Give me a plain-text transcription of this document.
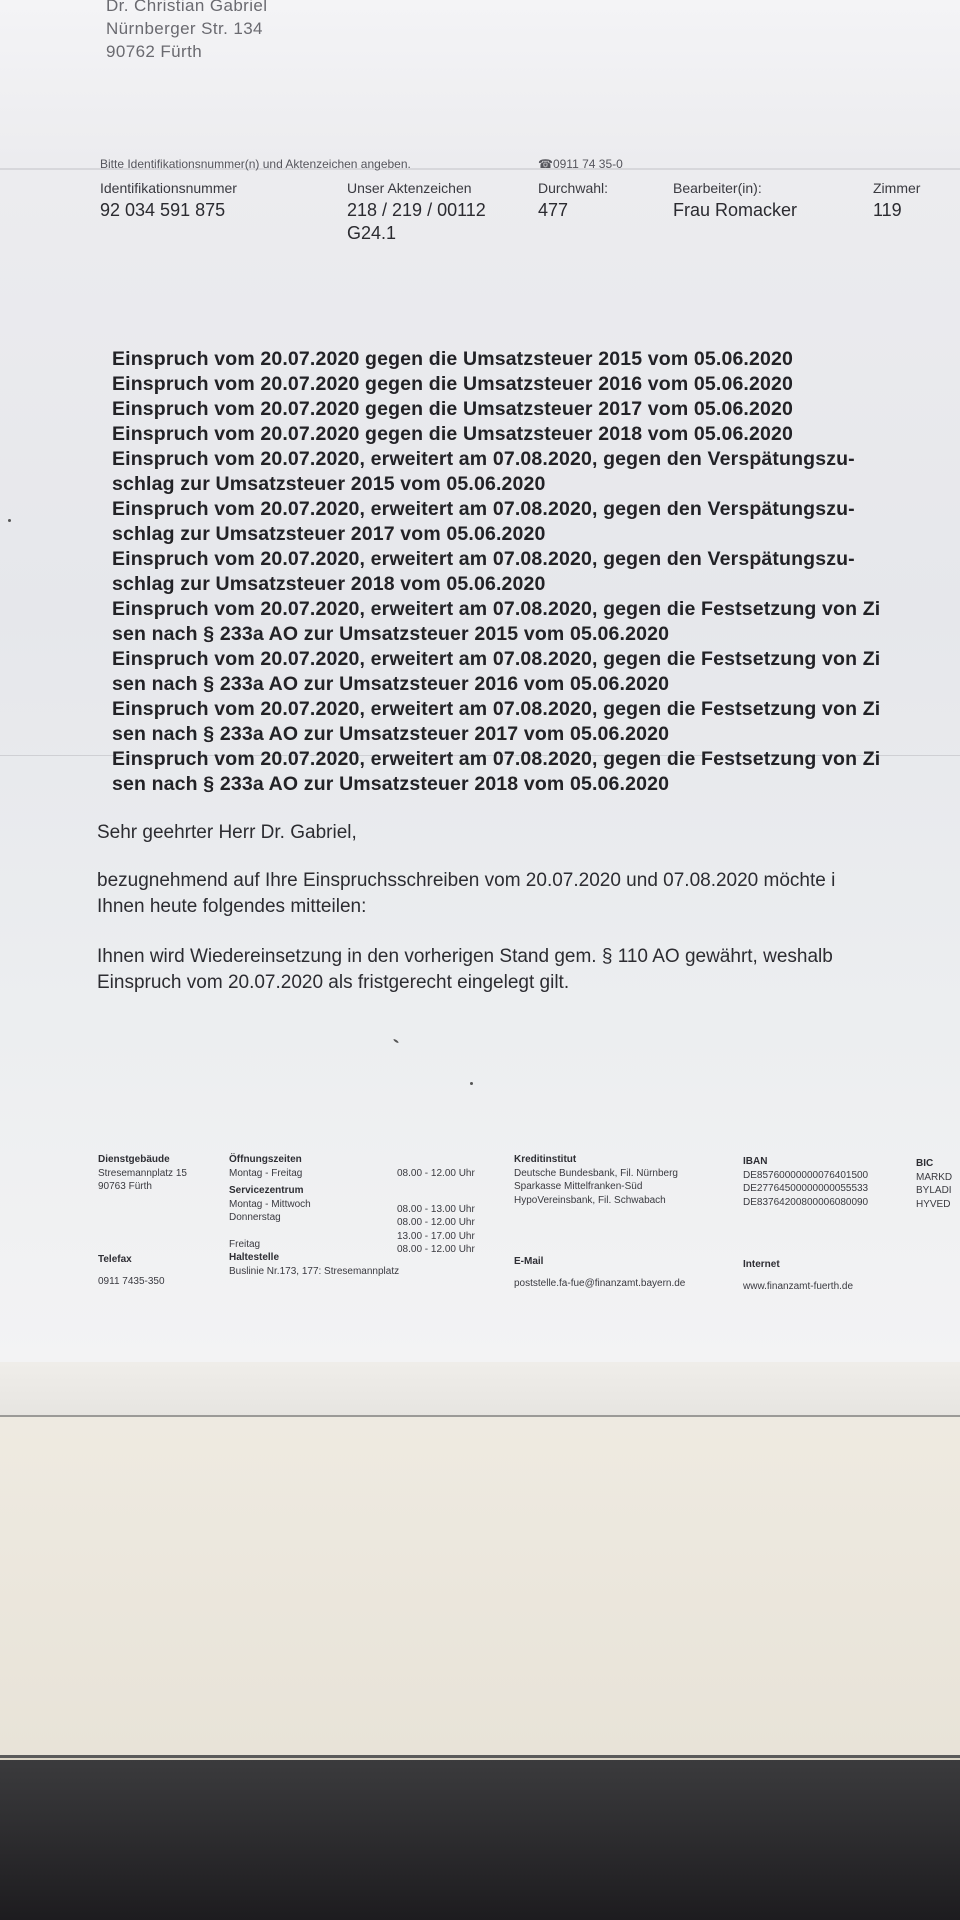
Dr. Christian Gabriel
Nürnberger Str. 134
90762 Fürth
Bitte Identifikationsnummer(n) und Aktenzeichen angeben.	☎0911 74 35-0
Identifikationsnummer
92 034 591 875
Unser Aktenzeichen
218 / 219 / 00112
G24.1
Durchwahl:
477
Bearbeiter(in):
Frau Romacker
Zimmer
119
Einspruch vom 20.07.2020 gegen die Umsatzsteuer 2015 vom 05.06.2020
Einspruch vom 20.07.2020 gegen die Umsatzsteuer 2016 vom 05.06.2020
Einspruch vom 20.07.2020 gegen die Umsatzsteuer 2017 vom 05.06.2020
Einspruch vom 20.07.2020 gegen die Umsatzsteuer 2018 vom 05.06.2020
Einspruch vom 20.07.2020, erweitert am 07.08.2020, gegen den Verspätungszu-
schlag zur Umsatzsteuer 2015 vom 05.06.2020
Einspruch vom 20.07.2020, erweitert am 07.08.2020, gegen den Verspätungszu-
schlag zur Umsatzsteuer 2017 vom 05.06.2020
Einspruch vom 20.07.2020, erweitert am 07.08.2020, gegen den Verspätungszu-
schlag zur Umsatzsteuer 2018 vom 05.06.2020
Einspruch vom 20.07.2020, erweitert am 07.08.2020, gegen die Festsetzung von Zi
sen nach § 233a AO zur Umsatzsteuer 2015 vom 05.06.2020
Einspruch vom 20.07.2020, erweitert am 07.08.2020, gegen die Festsetzung von Zi
sen nach § 233a AO zur Umsatzsteuer 2016 vom 05.06.2020
Einspruch vom 20.07.2020, erweitert am 07.08.2020, gegen die Festsetzung von Zi
sen nach § 233a AO zur Umsatzsteuer 2017 vom 05.06.2020
Einspruch vom 20.07.2020, erweitert am 07.08.2020, gegen die Festsetzung von Zi
sen nach § 233a AO zur Umsatzsteuer 2018 vom 05.06.2020
Sehr geehrter Herr Dr. Gabriel,
bezugnehmend auf Ihre Einspruchsschreiben vom 20.07.2020 und 07.08.2020 möchte i
Ihnen heute folgendes mitteilen:
Ihnen wird Wiedereinsetzung in den vorherigen Stand gem. § 110 AO gewährt, weshalb
Einspruch vom 20.07.2020 als fristgerecht eingelegt gilt.
Dienstgebäude
Stresemannplatz 15
90763 Fürth
Telefax
0911 7435-350
Öffnungszeiten
Montag - Freitag
Servicezentrum
Montag - Mittwoch
Donnerstag
Freitag
Haltestelle
Buslinie Nr.173, 177: Stresemannplatz
08.00 - 12.00 Uhr
08.00 - 13.00 Uhr
08.00 - 12.00 Uhr
13.00 - 17.00 Uhr
08.00 - 12.00 Uhr
Kreditinstitut
Deutsche Bundesbank, Fil. Nürnberg
Sparkasse Mittelfranken-Süd
HypoVereinsbank, Fil. Schwabach
E-Mail
poststelle.fa-fue@finanzamt.bayern.de
IBAN
DE85760000000076401500
DE27764500000000055533
DE83764200800006080090
Internet
www.finanzamt-fuerth.de
BIC
MARKD
BYLADI
HYVED
